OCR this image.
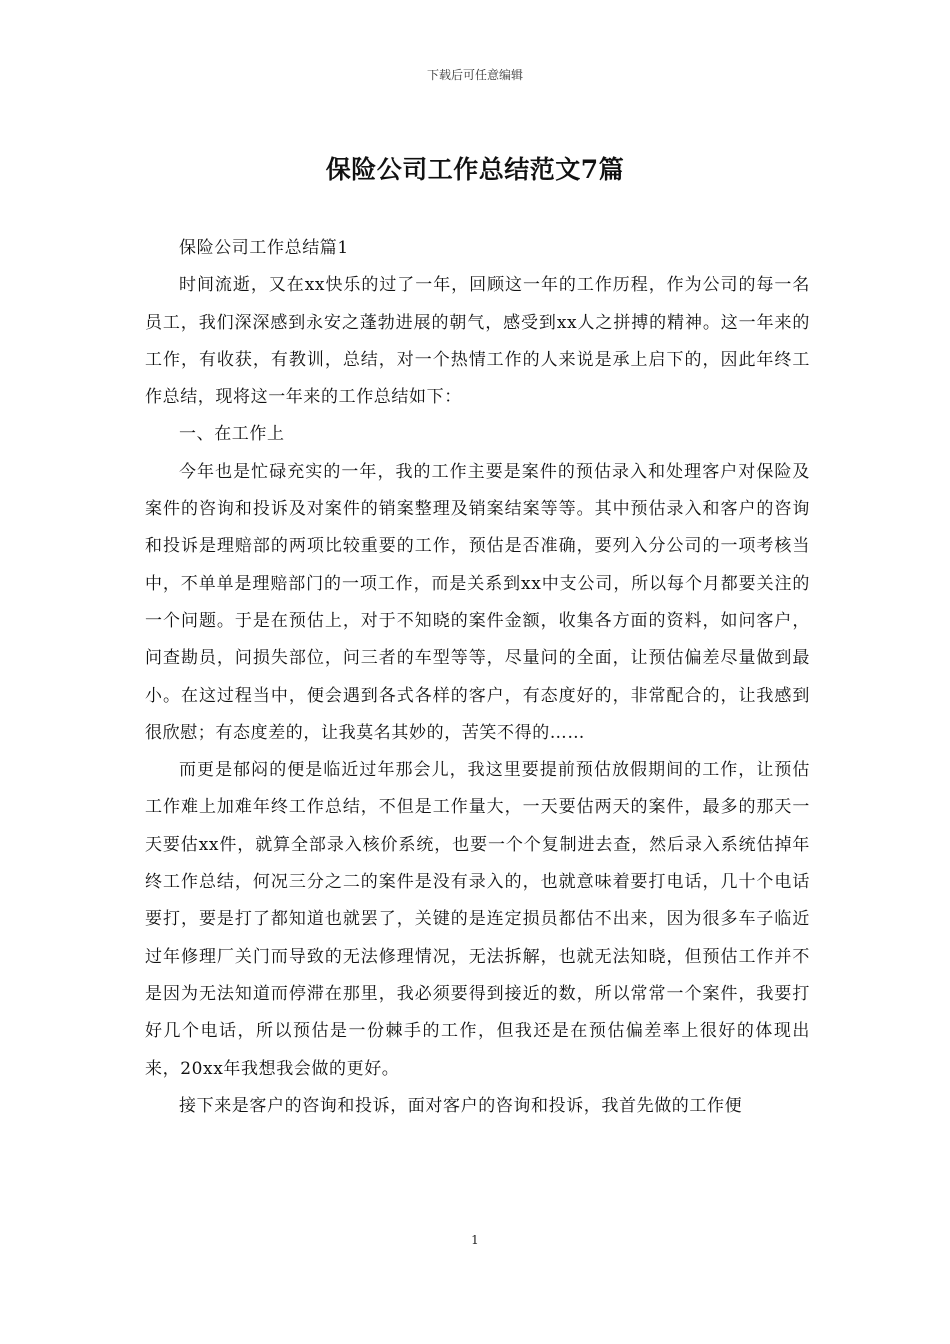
下载后可任意编辑
保险公司工作总结范文7篇

保险公司工作总结篇1

时间流逝，又在xx快乐的过了一年，回顾这一年的工作历程，作为公司的每一名员工，我们深深感到永安之蓬勃进展的朝气，感受到xx人之拼搏的精神。这一年来的工作，有收获，有教训，总结，对一个热情工作的人来说是承上启下的，因此年终工作总结，现将这一年来的工作总结如下：

一、在工作上

今年也是忙碌充实的一年，我的工作主要是案件的预估录入和处理客户对保险及案件的咨询和投诉及对案件的销案整理及销案结案等等。其中预估录入和客户的咨询和投诉是理赔部的两项比较重要的工作，预估是否准确，要列入分公司的一项考核当中，不单单是理赔部门的一项工作，而是关系到xx中支公司，所以每个月都要关注的一个问题。于是在预估上，对于不知晓的案件金额，收集各方面的资料，如问客户，问查勘员，问损失部位，问三者的车型等等，尽量问的全面，让预估偏差尽量做到最小。在这过程当中，便会遇到各式各样的客户，有态度好的，非常配合的，让我感到很欣慰；有态度差的，让我莫名其妙的，苦笑不得的……

而更是郁闷的便是临近过年那会儿，我这里要提前预估放假期间的工作，让预估工作难上加难年终工作总结，不但是工作量大，一天要估两天的案件，最多的那天一天要估xx件，就算全部录入核价系统，也要一个个复制进去查，然后录入系统估掉年终工作总结，何况三分之二的案件是没有录入的，也就意味着要打电话，几十个电话要打，要是打了都知道也就罢了，关键的是连定损员都估不出来，因为很多车子临近过年修理厂关门而导致的无法修理情况，无法拆解，也就无法知晓，但预估工作并不是因为无法知道而停滞在那里，我必须要得到接近的数，所以常常一个案件，我要打好几个电话，所以预估是一份棘手的工作，但我还是在预估偏差率上很好的体现出来，20xx年我想我会做的更好。

接下来是客户的咨询和投诉，面对客户的咨询和投诉，我首先做的工作便

1
